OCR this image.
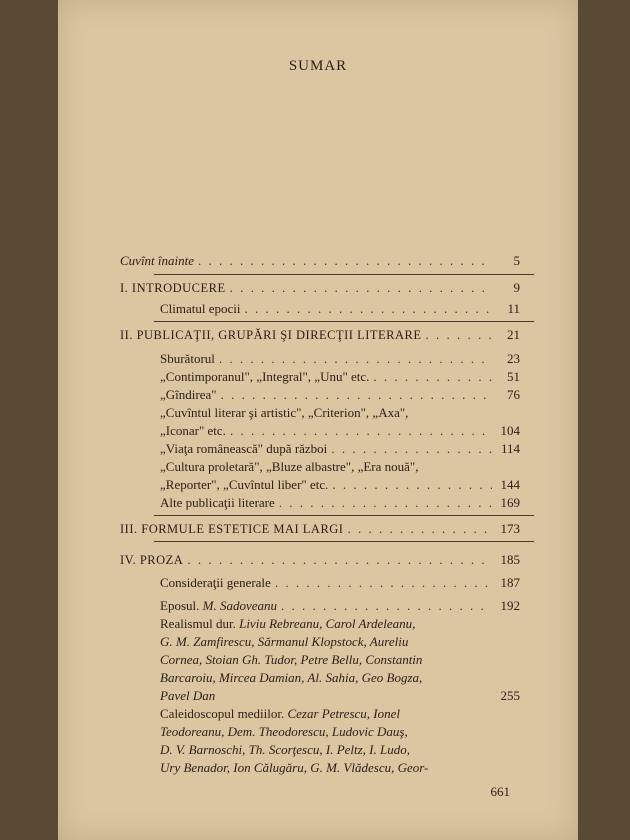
SUMAR
Cuvînt înainte . . .	5
I. INTRODUCERE . . .	9
Climatul epocii . . .	11
II. PUBLICAŢII, GRUPĂRI ŞI DIRECŢII LITERARE . . .	21
Sburătorul . . .	23
„Contimporanul", „Integral", „Unu" etc. . . .	51
„Gîndirea" . . .	76
„Cuvîntul literar şi artistic", „Criterion", „Axa",
„Iconar" etc. . . .	104
„Viaţa românească" după război . . .	114
„Cultura proletară", „Bluze albastre", „Era nouă",
„Reporter", „Cuvîntul liber" etc. . . .	144
Alte publicaţii literare . . .	169
III. FORMULE ESTETICE MAI LARGI . . .	173
IV. PROZA . . .	185
Consideraţii generale . . .	187
Eposul. M. Sadoveanu . . .	192
Realismul dur. Liviu Rebreanu, Carol Ardeleanu,
G. M. Zamfirescu, Sărmanul Klopstock, Aureliu
Cornea, Stoian Gh. Tudor, Petre Bellu, Constantin
Barcaroiu, Mircea Damian, Al. Sahia, Geo Bogza,
Pavel Dan	255
Caleidoscopul mediilor. Cezar Petrescu, Ionel
Teodoreanu, Dem. Theodorescu, Ludovic Dauş,
D. V. Barnoschi, Th. Scorţescu, I. Peltz, I. Ludo,
Ury Benador, Ion Călugăru, G. M. Vlădescu, Geor-
661
